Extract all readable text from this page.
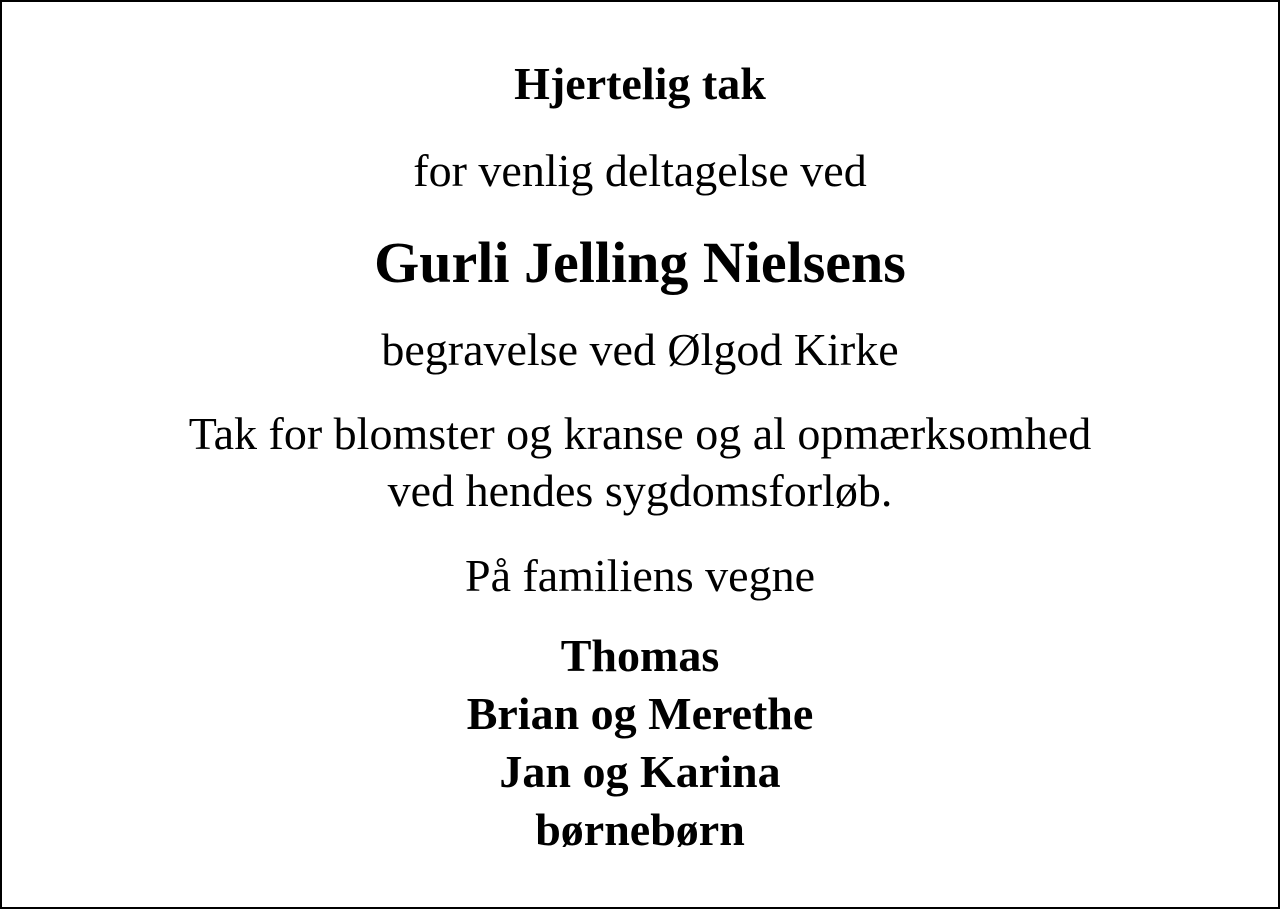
Hjertelig tak

for venlig deltagelse ved

Gurli Jelling Nielsens

begravelse ved Ølgod Kirke

Tak for blomster og kranse og al opmærksomhed
ved hendes sygdomsforløb.

På familiens vegne

Thomas
Brian og Merethe
Jan og Karina
børnebørn
